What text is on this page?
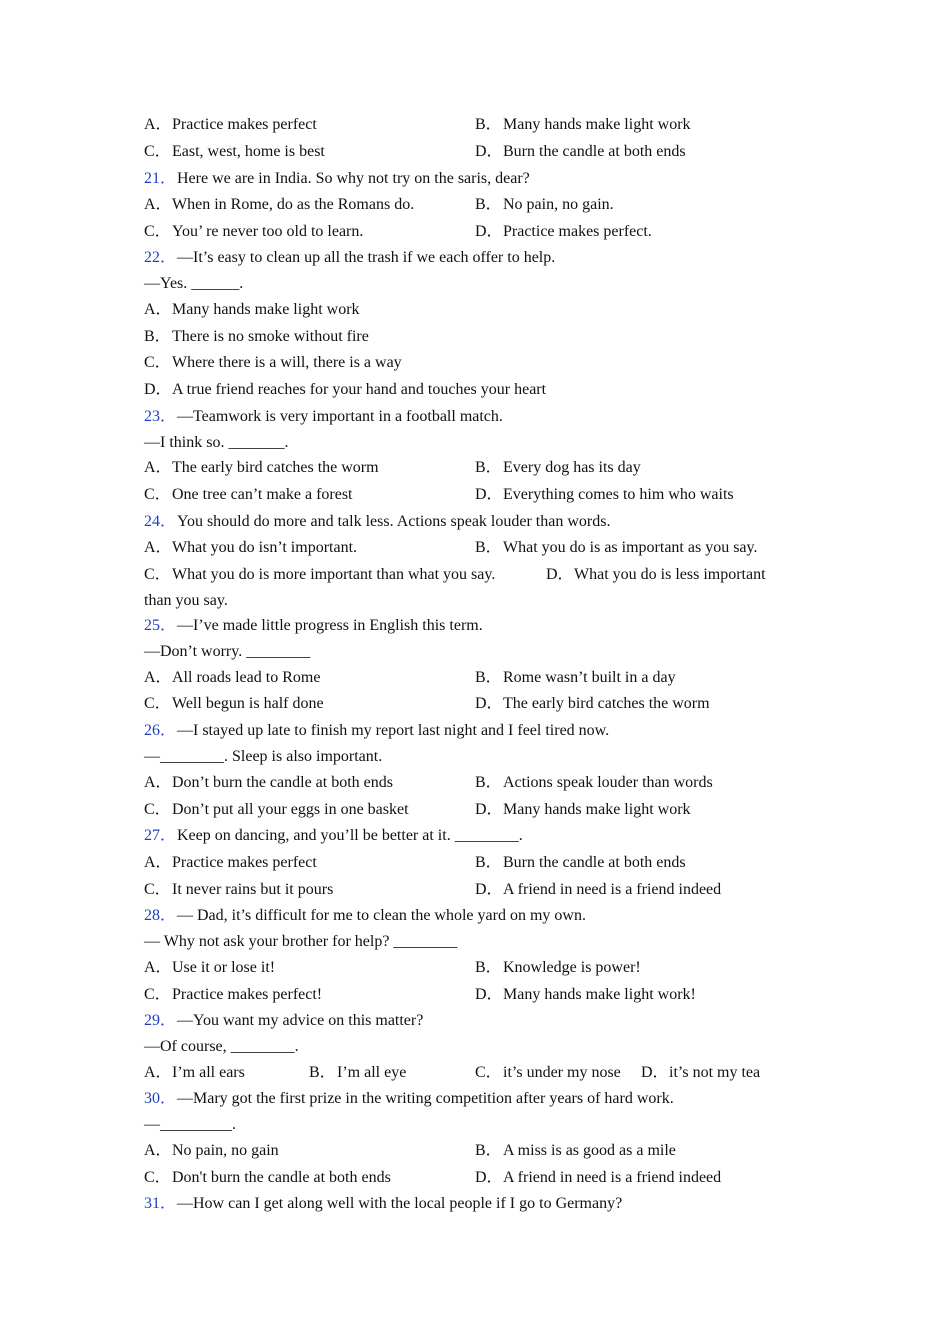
A．Practice makes perfect	B．Many hands make light work
C．East, west, home is best	D．Burn the candle at both ends
21．Here we are in India. So why not try on the saris, dear?
A．When in Rome, do as the Romans do.	B．No pain, no gain.
C．You’ re never too old to learn.	D．Practice makes perfect.
22．—It’s easy to clean up all the trash if we each offer to help.
—Yes. ______.
A．Many hands make light work
B．There is no smoke without fire
C．Where there is a will, there is a way
D．A true friend reaches for your hand and touches your heart
23．—Teamwork is very important in a football match.
—I think so. _______.
A．The early bird catches the worm	B．Every dog has its day
C．One tree can’t make a forest	D．Everything comes to him who waits
24．You should do more and talk less. Actions speak louder than words.
A．What you do isn’t important.	B．What you do is as important as you say.
C．What you do is more important than what you say.	D．What you do is less important
than you say.
25．—I’ve made little progress in English this term.
—Don’t worry. ________
A．All roads lead to Rome	B．Rome wasn’t built in a day
C．Well begun is half done	D．The early bird catches the worm
26．—I stayed up late to finish my report last night and I feel tired now.
—________. Sleep is also important.
A．Don’t burn the candle at both ends	B．Actions speak louder than words
C．Don’t put all your eggs in one basket	D．Many hands make light work
27．Keep on dancing, and you’ll be better at it. ________.
A．Practice makes perfect	B．Burn the candle at both ends
C．It never rains but it pours	D．A friend in need is a friend indeed
28．— Dad, it’s difficult for me to clean the whole yard on my own.
— Why not ask your brother for help? ________
A．Use it or lose it!	B．Knowledge is power!
C．Practice makes perfect!	D．Many hands make light work!
29．—You want my advice on this matter?
—Of course, ________.
A．I’m all ears	B．I’m all eye	C．it’s under my nose D．it’s not my tea
30．—Mary got the first prize in the writing competition after years of hard work.
—_________.
A．No pain, no gain	B．A miss is as good as a mile
C．Don't burn the candle at both ends	D．A friend in need is a friend indeed
31．—How can I get along well with the local people if I go to Germany?
